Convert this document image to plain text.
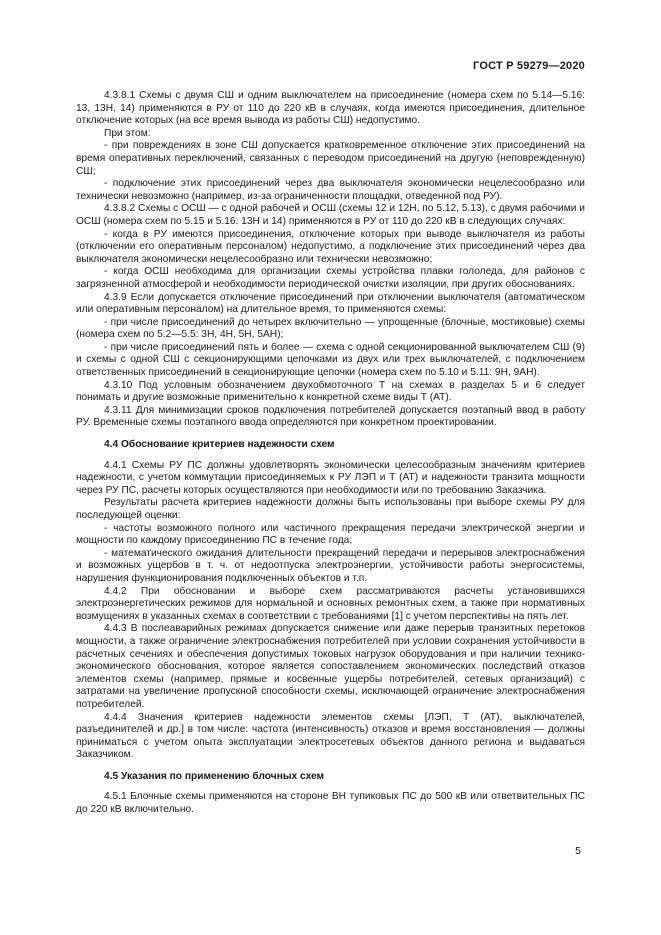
ГОСТ Р 59279—2020

4.3.8.1 Схемы с двумя СШ и одним выключателем на присоединение (номера схем по 5.14—5.16: 13, 13Н, 14) применяются в РУ от 110 до 220 кВ в случаях, когда имеются присоединения, длительное отключение которых (на все время вывода из работы СШ) недопустимо.

При этом:

- при повреждениях в зоне СШ допускается кратковременное отключение этих присоединений на время оперативных переключений, связанных с переводом присоединений на другую (неповрежденную) СШ;

- подключение этих присоединений через два выключателя экономически нецелесообразно или технически невозможно (например, из-за ограниченности площадки, отведенной под РУ).

4.3.8.2 Схемы с ОСШ — с одной рабочей и ОСШ (схемы 12 и 12Н, по 5.12, 5.13), с двумя рабочими и ОСШ (номера схем по 5.15 и 5.16: 13Н и 14) применяются в РУ от 110 до 220 кВ в следующих случаях:

- когда в РУ имеются присоединения, отключение которых при выводе выключателя из работы (отключении его оперативным персоналом) недопустимо, а подключение этих присоединений через два выключателя экономически нецелесообразно или технически невозможно;

- когда ОСШ необходима для организации схемы устройства плавки гололеда, для районов с загрязненной атмосферой и необходимости периодической очистки изоляции, при других обоснованиях.

4.3.9 Если допускается отключение присоединений при отключении выключателя (автоматическом или оперативным персоналом) на длительное время, то применяются схемы:

- при числе присоединений до четырех включительно — упрощенные (блочные, мостиковые) схемы (номера схем по 5.2—5.5: 3Н, 4Н, 5Н, 5АН);

- при числе присоединений пять и более — схема с одной секционированной выключателем СШ (9) и схемы с одной СШ с секционирующими цепочками из двух или трех выключателей, с подключением ответственных присоединений в секционирующие цепочки (номера схем по 5.10 и 5.11: 9Н, 9АН).

4.3.10 Под условным обозначением двухобмоточного Т на схемах в разделах 5 и 6 следует понимать и другие возможные применительно к конкретной схеме виды Т (АТ).

4.3.11 Для минимизации сроков подключения потребителей допускается поэтапный ввод в работу РУ. Временные схемы поэтапного ввода определяются при конкретном проектировании.

4.4 Обоснование критериев надежности схем

4.4.1 Схемы РУ ПС должны удовлетворять экономически целесообразным значениям критериев надежности, с учетом коммутации присоединяемых к РУ ЛЭП и Т (АТ) и надежности транзита мощности через РУ ПС, расчеты которых осуществляются при необходимости или по требованию Заказчика.

Результаты расчета критериев надежности должны быть использованы при выборе схемы РУ для последующей оценки:

- частоты возможного полного или частичного прекращения передачи электрической энергии и мощности по каждому присоединению ПС в течение года;

- математического ожидания длительности прекращений передачи и перерывов электроснабжения и возможных ущербов в т. ч. от недоотпуска электроэнергии, устойчивости работы энергосистемы, нарушения функционирования подключенных объектов и т.п.

4.4.2 При обосновании и выборе схем рассматриваются расчеты установившихся электроэнергетических режимов для нормальной и основных ремонтных схем, а также при нормативных возмущениях в указанных схемах в соответствии с требованиями [1] с учетом перспективы на пять лет.

4.4.3 В послеаварийных режимах допускается снижение или даже перерыв транзитных перетоков мощности, а также ограничение электроснабжения потребителей при условии сохранения устойчивости в расчетных сечениях и обеспечения допустимых токовых нагрузок оборудования и при наличии технико-экономического обоснования, которое является сопоставлением экономических последствий отказов элементов схемы (например, прямые и косвенные ущербы потребителей, сетевых организаций) с затратами на увеличение пропускной способности схемы, исключающей ограничение электроснабжения потребителей.

4.4.4 Значения критериев надежности элементов схемы [ЛЭП, Т (АТ), выключателей, разъединителей и др.] в том числе: частота (интенсивность) отказов и время восстановления — должны приниматься с учетом опыта эксплуатации электросетевых объектов данного региона и выдаваться Заказчиком.

4.5 Указания по применению блочных схем

4.5.1 Блочные схемы применяются на стороне ВН тупиковых ПС до 500 кВ или ответвительных ПС до 220 кВ включительно.

5
